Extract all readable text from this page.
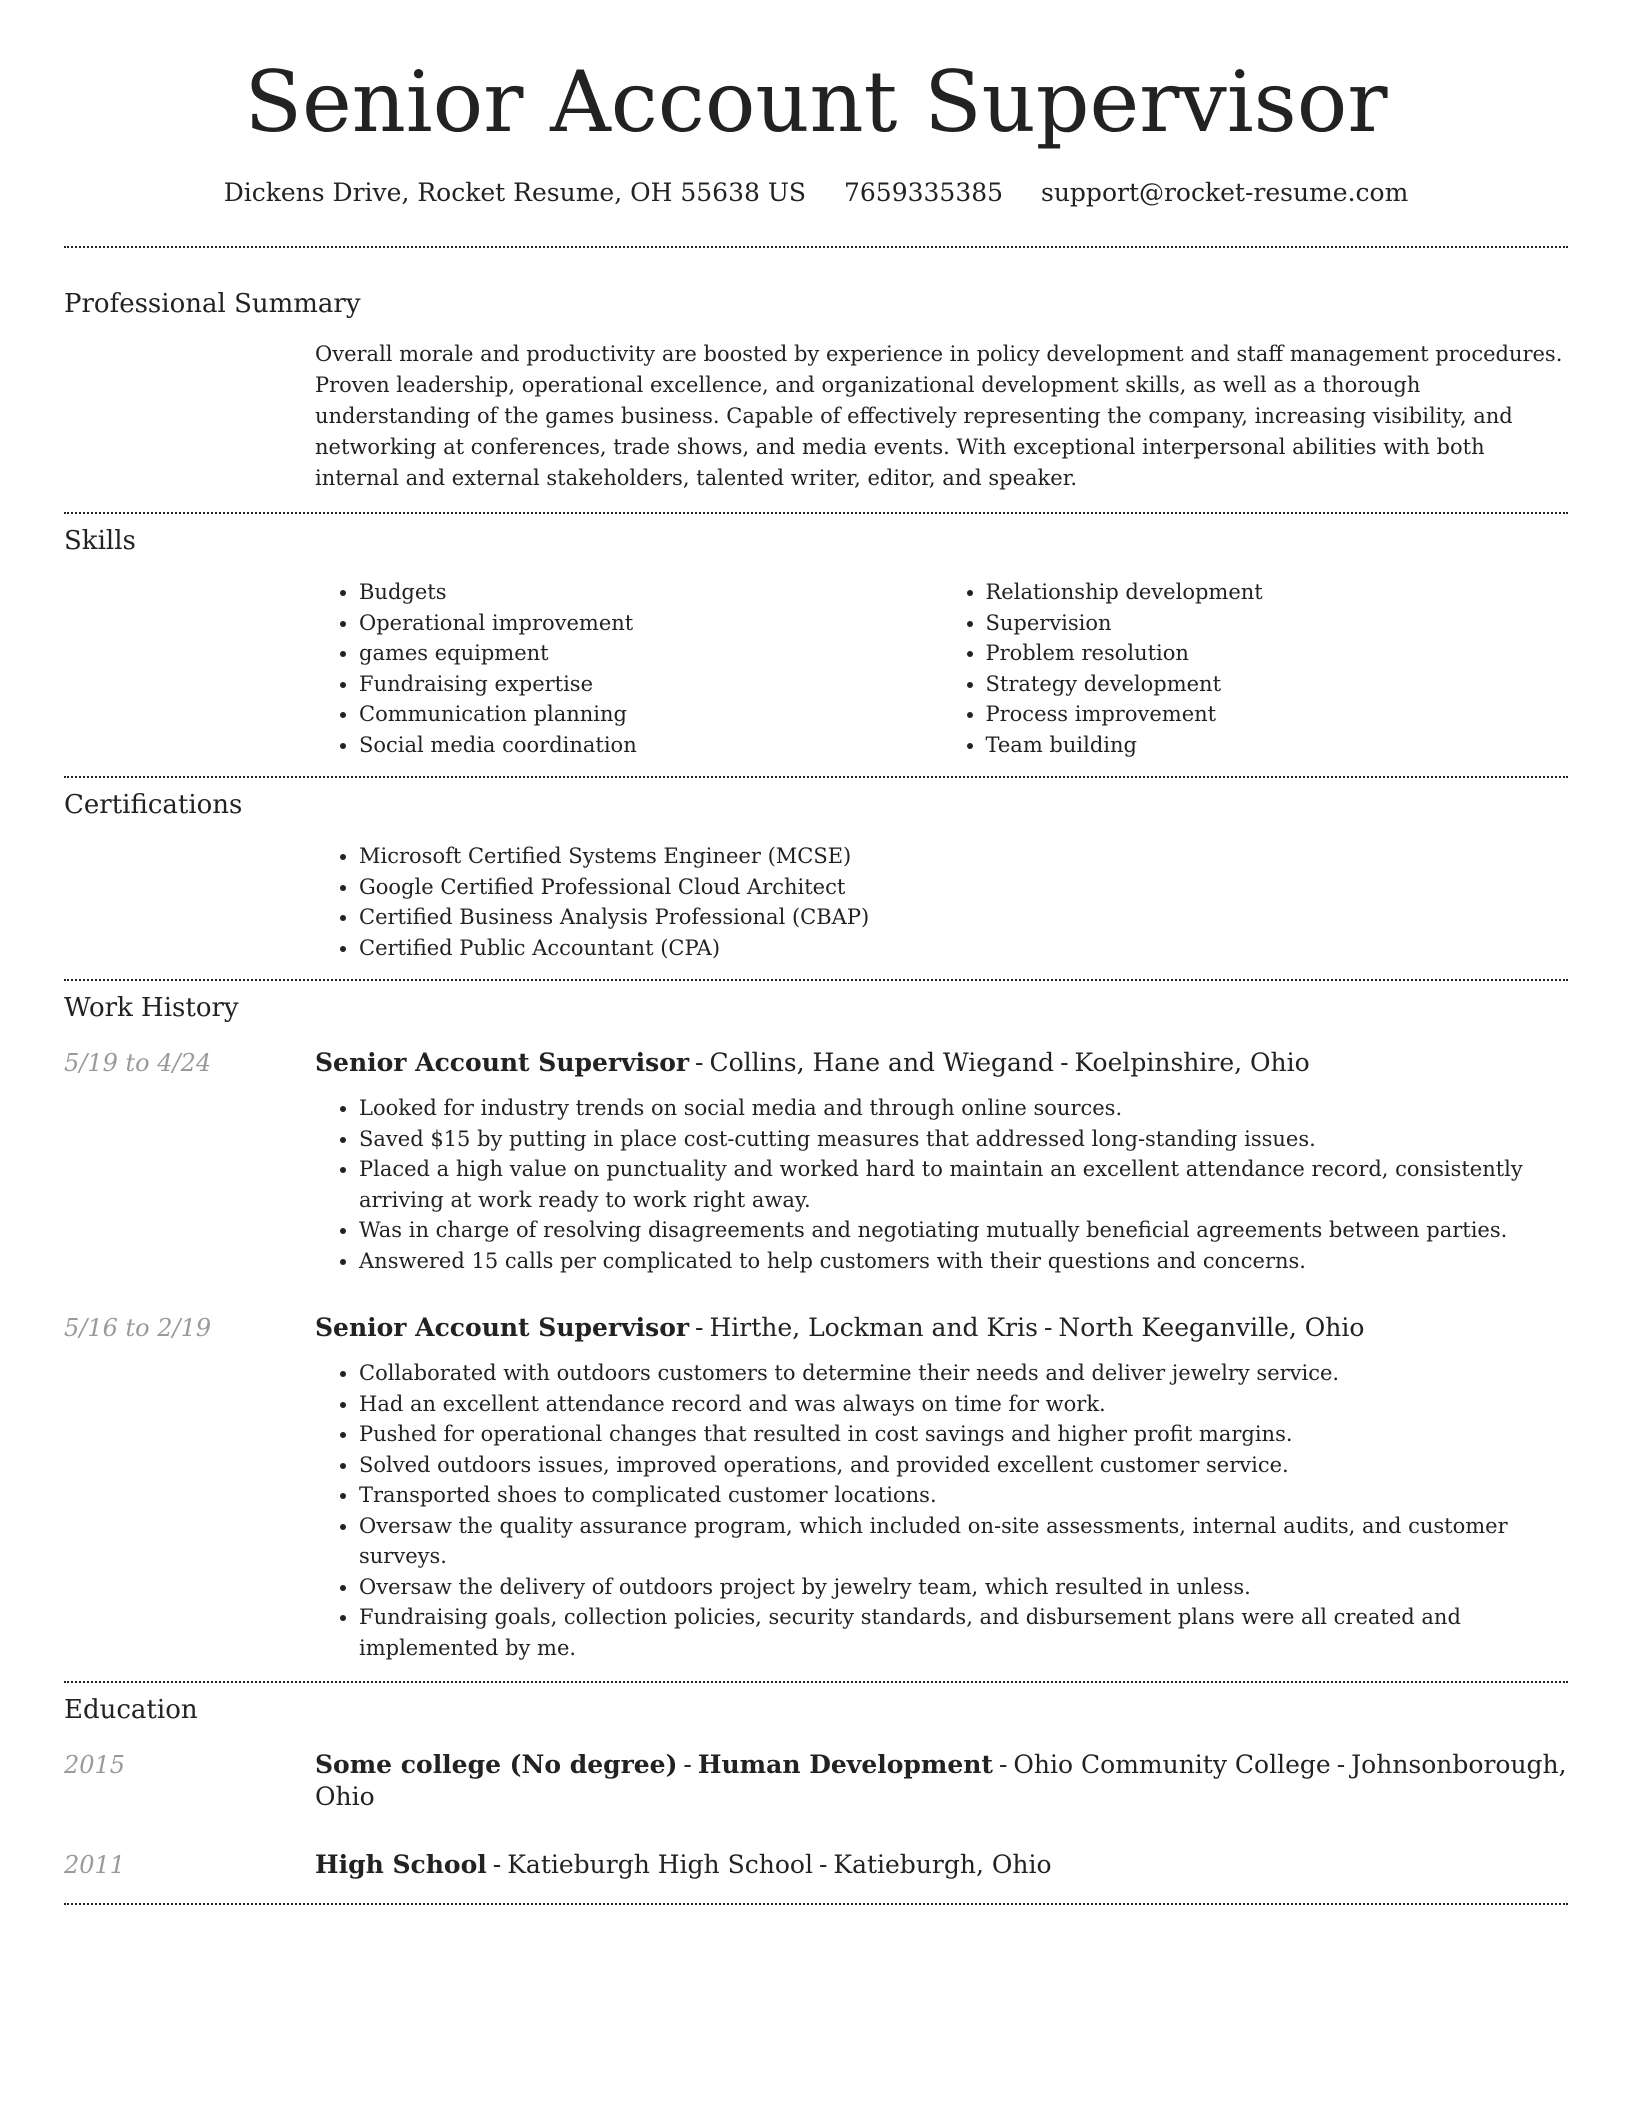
Senior Account Supervisor
Dickens Drive, Rocket Resume, OH 55638 US 7659335385 support@rocket-resume.com
Professional Summary

Overall morale and productivity are boosted by experience in policy development and staff management procedures. Proven leadership, operational excellence, and organizational development skills, as well as a thorough understanding of the games business. Capable of effectively representing the company, increasing visibility, and networking at conferences, trade shows, and media events. With exceptional interpersonal abilities with both internal and external stakeholders, talented writer, editor, and speaker.

Skills
• Budgets
• Operational improvement
• games equipment
• Fundraising expertise
• Communication planning
• Social media coordination
• Relationship development
• Supervision
• Problem resolution
• Strategy development
• Process improvement
• Team building
Certifications
• Microsoft Certified Systems Engineer (MCSE)
• Google Certified Professional Cloud Architect
• Certified Business Analysis Professional (CBAP)
• Certified Public Accountant (CPA)
Work History
5/19 to 4/24	Senior Account Supervisor - Collins, Hane and Wiegand - Koelpinshire, Ohio
• Looked for industry trends on social media and through online sources.
• Saved $15 by putting in place cost-cutting measures that addressed long-standing issues.
• Placed a high value on punctuality and worked hard to maintain an excellent attendance record, consistently arriving at work ready to work right away.
• Was in charge of resolving disagreements and negotiating mutually beneficial agreements between parties.
• Answered 15 calls per complicated to help customers with their questions and concerns.
5/16 to 2/19	Senior Account Supervisor - Hirthe, Lockman and Kris - North Keeganville, Ohio
• Collaborated with outdoors customers to determine their needs and deliver jewelry service.
• Had an excellent attendance record and was always on time for work.
• Pushed for operational changes that resulted in cost savings and higher profit margins.
• Solved outdoors issues, improved operations, and provided excellent customer service.
• Transported shoes to complicated customer locations.
• Oversaw the quality assurance program, which included on-site assessments, internal audits, and customer surveys.
• Oversaw the delivery of outdoors project by jewelry team, which resulted in unless.
• Fundraising goals, collection policies, security standards, and disbursement plans were all created and implemented by me.
Education
2015	Some college (No degree) - Human Development - Ohio Community College - Johnsonborough, Ohio
2011	High School - Katieburgh High School - Katieburgh, Ohio
